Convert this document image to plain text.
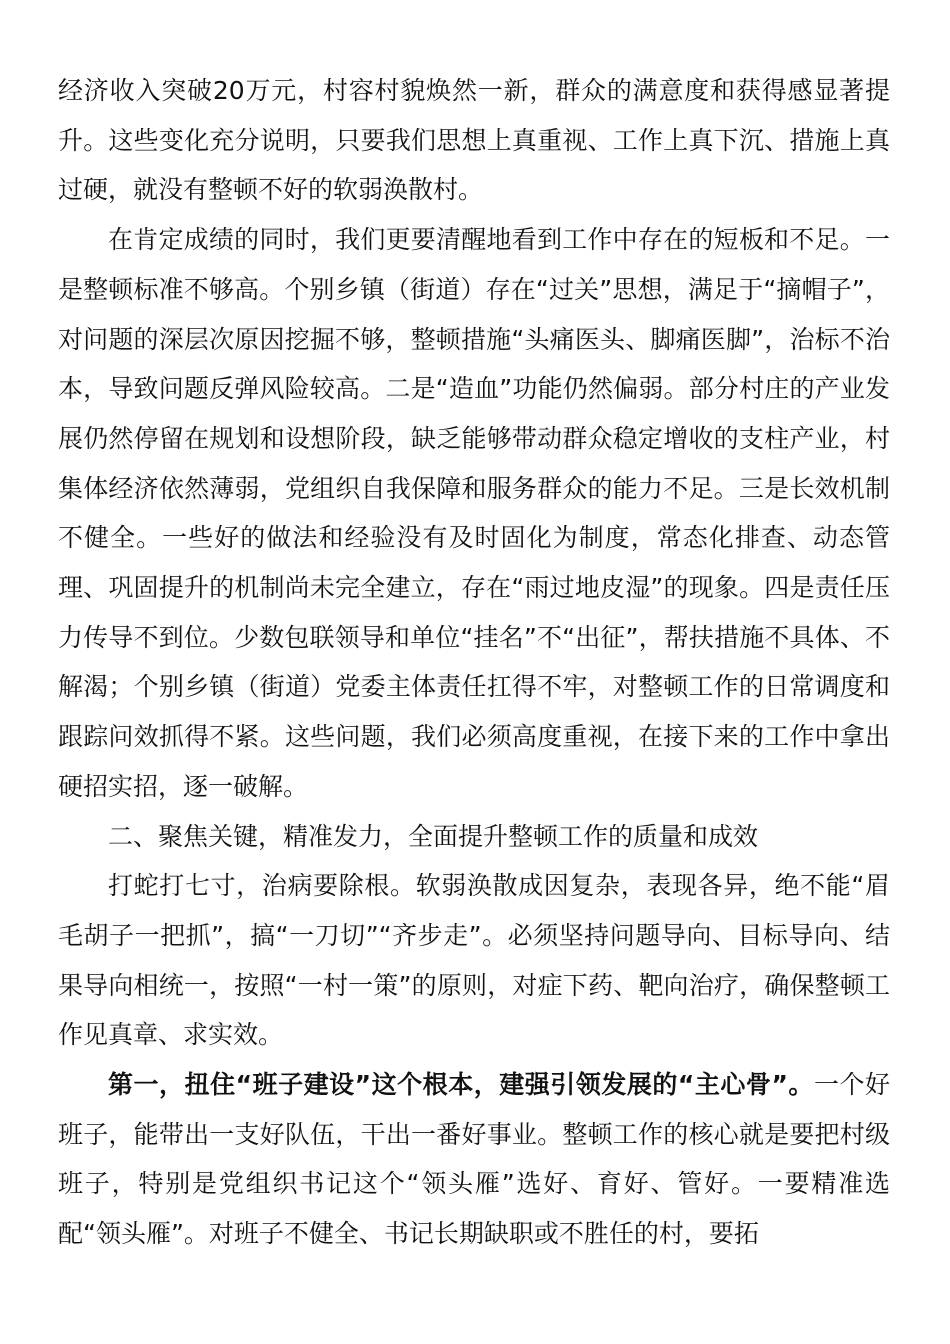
经济收入突破20万元，村容村貌焕然一新，群众的满意度和获得感显著提升。这些变化充分说明，只要我们思想上真重视、工作上真下沉、措施上真过硬，就没有整顿不好的软弱涣散村。

在肯定成绩的同时，我们更要清醒地看到工作中存在的短板和不足。一是整顿标准不够高。个别乡镇（街道）存在“过关”思想，满足于“摘帽子”，对问题的深层次原因挖掘不够，整顿措施“头痛医头、脚痛医脚”，治标不治本，导致问题反弹风险较高。二是“造血”功能仍然偏弱。部分村庄的产业发展仍然停留在规划和设想阶段，缺乏能够带动群众稳定增收的支柱产业，村集体经济依然薄弱，党组织自我保障和服务群众的能力不足。三是长效机制不健全。一些好的做法和经验没有及时固化为制度，常态化排查、动态管理、巩固提升的机制尚未完全建立，存在“雨过地皮湿”的现象。四是责任压力传导不到位。少数包联领导和单位“挂名”不“出征”，帮扶措施不具体、不解渴；个别乡镇（街道）党委主体责任扛得不牢，对整顿工作的日常调度和跟踪问效抓得不紧。这些问题，我们必须高度重视，在接下来的工作中拿出硬招实招，逐一破解。

二、聚焦关键，精准发力，全面提升整顿工作的质量和成效

打蛇打七寸，治病要除根。软弱涣散成因复杂，表现各异，绝不能“眉毛胡子一把抓”，搞“一刀切”“齐步走”。必须坚持问题导向、目标导向、结果导向相统一，按照“一村一策”的原则，对症下药、靶向治疗，确保整顿工作见真章、求实效。

第一，扭住“班子建设”这个根本，建强引领发展的“主心骨”。一个好班子，能带出一支好队伍，干出一番好事业。整顿工作的核心就是要把村级班子，特别是党组织书记这个“领头雁”选好、育好、管好。一要精准选配“领头雁”。对班子不健全、书记长期缺职或不胜任的村，要拓
